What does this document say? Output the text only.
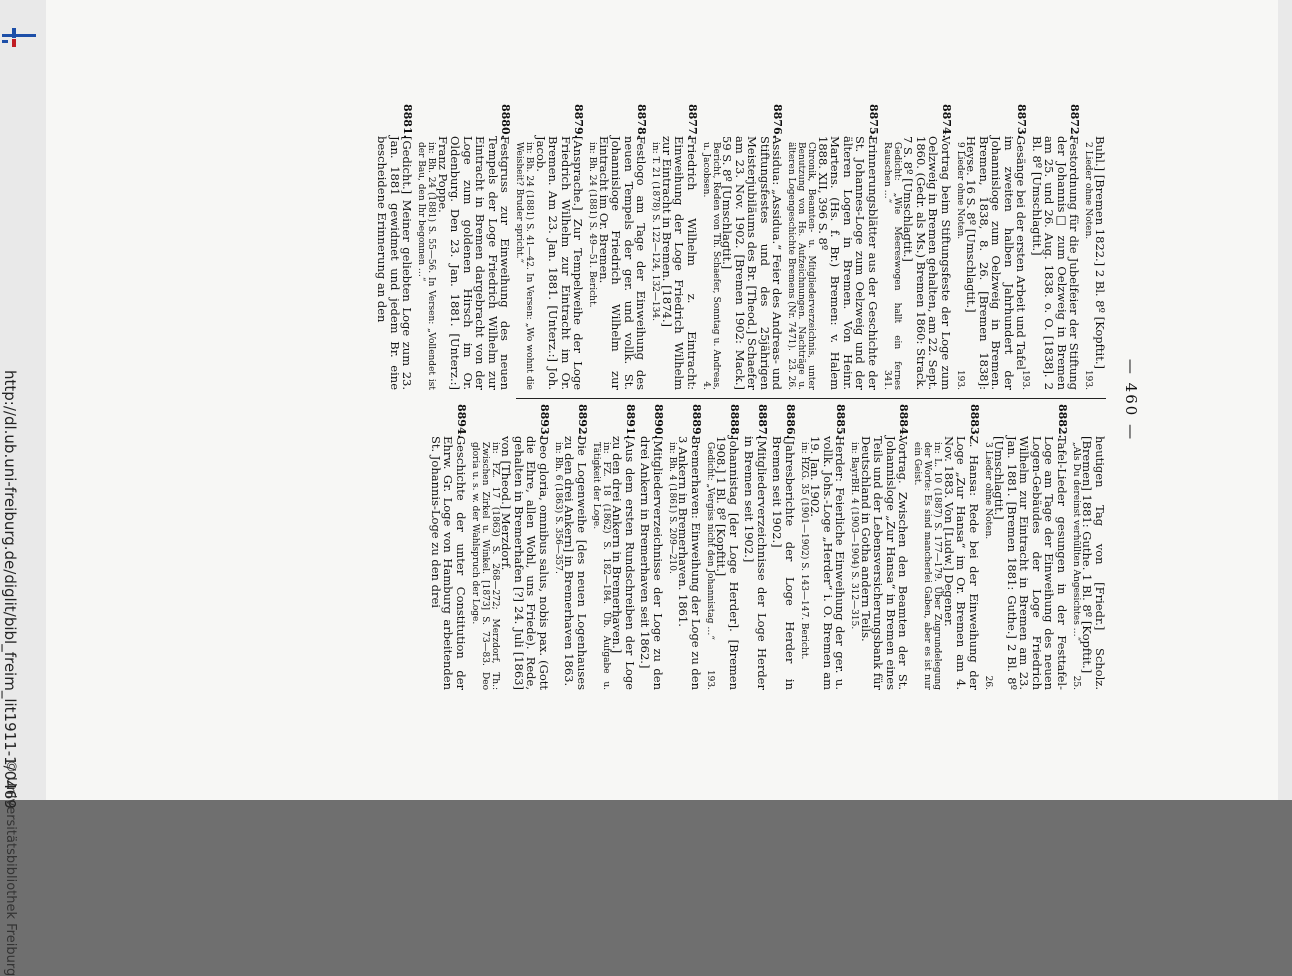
http://dl.ub.uni-freiburg.de/diglit/bibl_freim_lit1911-1/0469
© Universitätsbibliothek Freiburg
— 460 —
Buhl.] [Bremen 1822.] 2 Bl. 8º [Kopftit.]
2 Lieder ohne Noten.
193.
8872.
Festordnung für die Jubelfeier der Stiftung der Johannis□ zum Oelzweig in Bremen am 25. und 26. Aug. 1838. o. O. [1838]. 2 Bl. 8º [Umschlagtit.]
193.
8873.
Gesänge bei der ersten Arbeit und Tafel im zweiten halben Jahrhundert der Johannisloge zum Oelzweig in Bremen. Bremen, 1838, 8. 26. [Bremen 1838]: Heyse. 16 S. 8º [Umschlagtit.]
9 Lieder ohne Noten.
193.
8874.
Vortrag beim Stiftungsfeste der Loge zum Oelzweig in Bremen gehalten, am 22. Sept. 1860. (Gedr. als Ms.) Bremen 1860: Strack. 7 S. 8º [Umschlagtit.]
Gedicht: „Wie Meereswogen hallt ein fernes Rauschen …“
341.
8875.
Erinnerungsblätter aus der Geschichte der St. Johannes-Loge zum Oelzweig und der älteren Logen in Bremen. Von Heinr. Martens. (Hs. f. Br.) Bremen: v. Halem 1888. XII, 396 S. 8º
Chronik, Beamten- u. Mitgliederverzeichnis, unter Benutzung von Hs. Aufzeichnungen. Nachträge u. älteren Logengeschichte Bremens (Nr. 7471).
23. 26.
8876.
Assidua: „Assidua.“ Feier des Andreas- und Stiftungsfestes und des 25jährigen Meisterjubiläums des Br. [Theod.] Schaefer am 23. Nov. 1902. [Bremen 1902: Mack.] 59 S. 8º [Umschlagtit.]
Bericht, Reden von Th. Schaefer, Sonntag u. Andreas, u. Jacobsen.
4.
8877.
Friedrich Wilhelm z. Eintracht: Einweihung der Loge Friedrich Wilhelm zur Eintracht in Bremen. [1874.]
in: T. 21 (1878) S. 122—124, 132—134.
8878.
Festlogo am Tage der Einweihung des neuen Tempels der ger. und vollk. St. Johannisloge Friedrich Wilhelm zur Eintracht im Or. Bremen.
in: Bh. 24 (1881) S. 49—51. Bericht.
8879.
[Ansprache.] Zur Tempelweihe der Loge Friedrich Wilhelm zur Eintracht im Or. Bremen. Am 23. Jan. 1881. [Unterz.:] Joh. Jacob.
in: Bh. 24 (1881) S. 41—42. In Versen: „Wo wohnt die Weisheit? Bruder spricht.“
8880.
Festgruss zur Einweihung des neuen Tempels der Loge Friedrich Wilhelm zur Eintracht in Bremen dargebracht von der Loge zum goldenen Hirsch im Or. Oldenburg. Den 23. Jan. 1881. [Unterz.:] Franz Poppe.
in: Bh. 24 (1881) S. 55—56. In Versen: „Vollendet ist der Bau, den Ihr begonnen …“
8881.
[Gedicht.] Meiner geliebten Loge zum 23. Jan. 1881 gewidmet und jedem Br. eine bescheidene Erinnerung an den
heutigen Tag von [Friedr.] Scholz. [Bremen] 1881: Guthe. 1 Bl. 8º [Kopftit.]
„Als Du dereinst verhüllten Angesichtes …“
25.
8882.
Tafel-Lieder gesungen in der Festtafel-Loge am Tage der Einweihung des neuen Logen-Gebäudes der Loge Friedrich Wilhelm zur Eintracht in Bremen am 23. Jan. 1881. [Bremen 1881: Guthe.] 2 Bl. 8º [Umschlagtit.]
3 Lieder ohne Noten.
26.
8883.
Z. Hansa: Rede bei der Einweihung der Loge „Zur Hansa“ im Or. Bremen am 4. Nov. 1883. Von [Ludw.] Degener.
in: L. 10 (1887) S. 177—179. Über Zugrundelegung der Worte: Es sind mancherlei Gaben, aber es ist nur ein Geist.
8884.
Vortrag. Zwischen den Beamten der St. Johannisloge „Zur Hansa“ in Bremen eines Teils und der Lebensversicherungsbank für Deutschland in Gotha andern Teils.
in: BayrBH. 4 (1903—1904) S. 312—315.
8885.
Herder: Feierliche Einweihung der ger. u. vollk. Johs.-Loge „Herder“ i. O. Bremen am 19. Jan. 1902.
in: HZG. 35 (1901—1902) S. 143—147. Bericht.
8886.
[Jahresberichte der Loge Herder in Bremen seit 1902.]
8887.
[Mitgliederverzeichnisse der Loge Herder in Bremen seit 1902.]
8888.
Johannistag [der Loge Herder]. [Bremen 1908.] 1 Bl. 8º [Kopftit.]
Gedicht: „Vergiss nicht den Johannistag …“
193.
8889.
Bremerhaven: Einweihung der Loge zu den 3 Ankern in Bremerhaven. 1861.
in: Bh. 4 (1861) S. 209—210.
8890.
[Mitgliederverzeichnisse der Loge zu den drei Ankern in Bremerhaven seit 1862.]
8891.
[Aus dem ersten Rundschreiben der Loge zu den drei Ankern in Bremerhaven.]
in: FZ. 18 (1862) S. 182—184. Üb. Aufgabe u. Tätigkeit der Loge.
8892.
Die Logenweihe [des neuen Logenhauses zu den drei Ankern] in Bremerhaven 1863.
in: Bh. 6 (1863) S. 356—357.
8893.
Deo gloria, omnibus salus, nobis pax. (Gott die Ehre, allen Wohl, uns Friede). Rede, gehalten in Bremerhafen [?] 24. Juli [1863] von [Theod.] Merzdorf.
in: FZ. 17 (1863) S. 268—272; Merzdorf, Th.: Zwischen Zirkel u. Winkel. [1873] S. 73—83. Deo gloria u. s. w. der Wahlspruch der Loge.
8894.
Geschichte der unter Constitution der Ehrw. Gr. Loge von Hamburg arbeitenden St. Johannis-Loge zu den drei
